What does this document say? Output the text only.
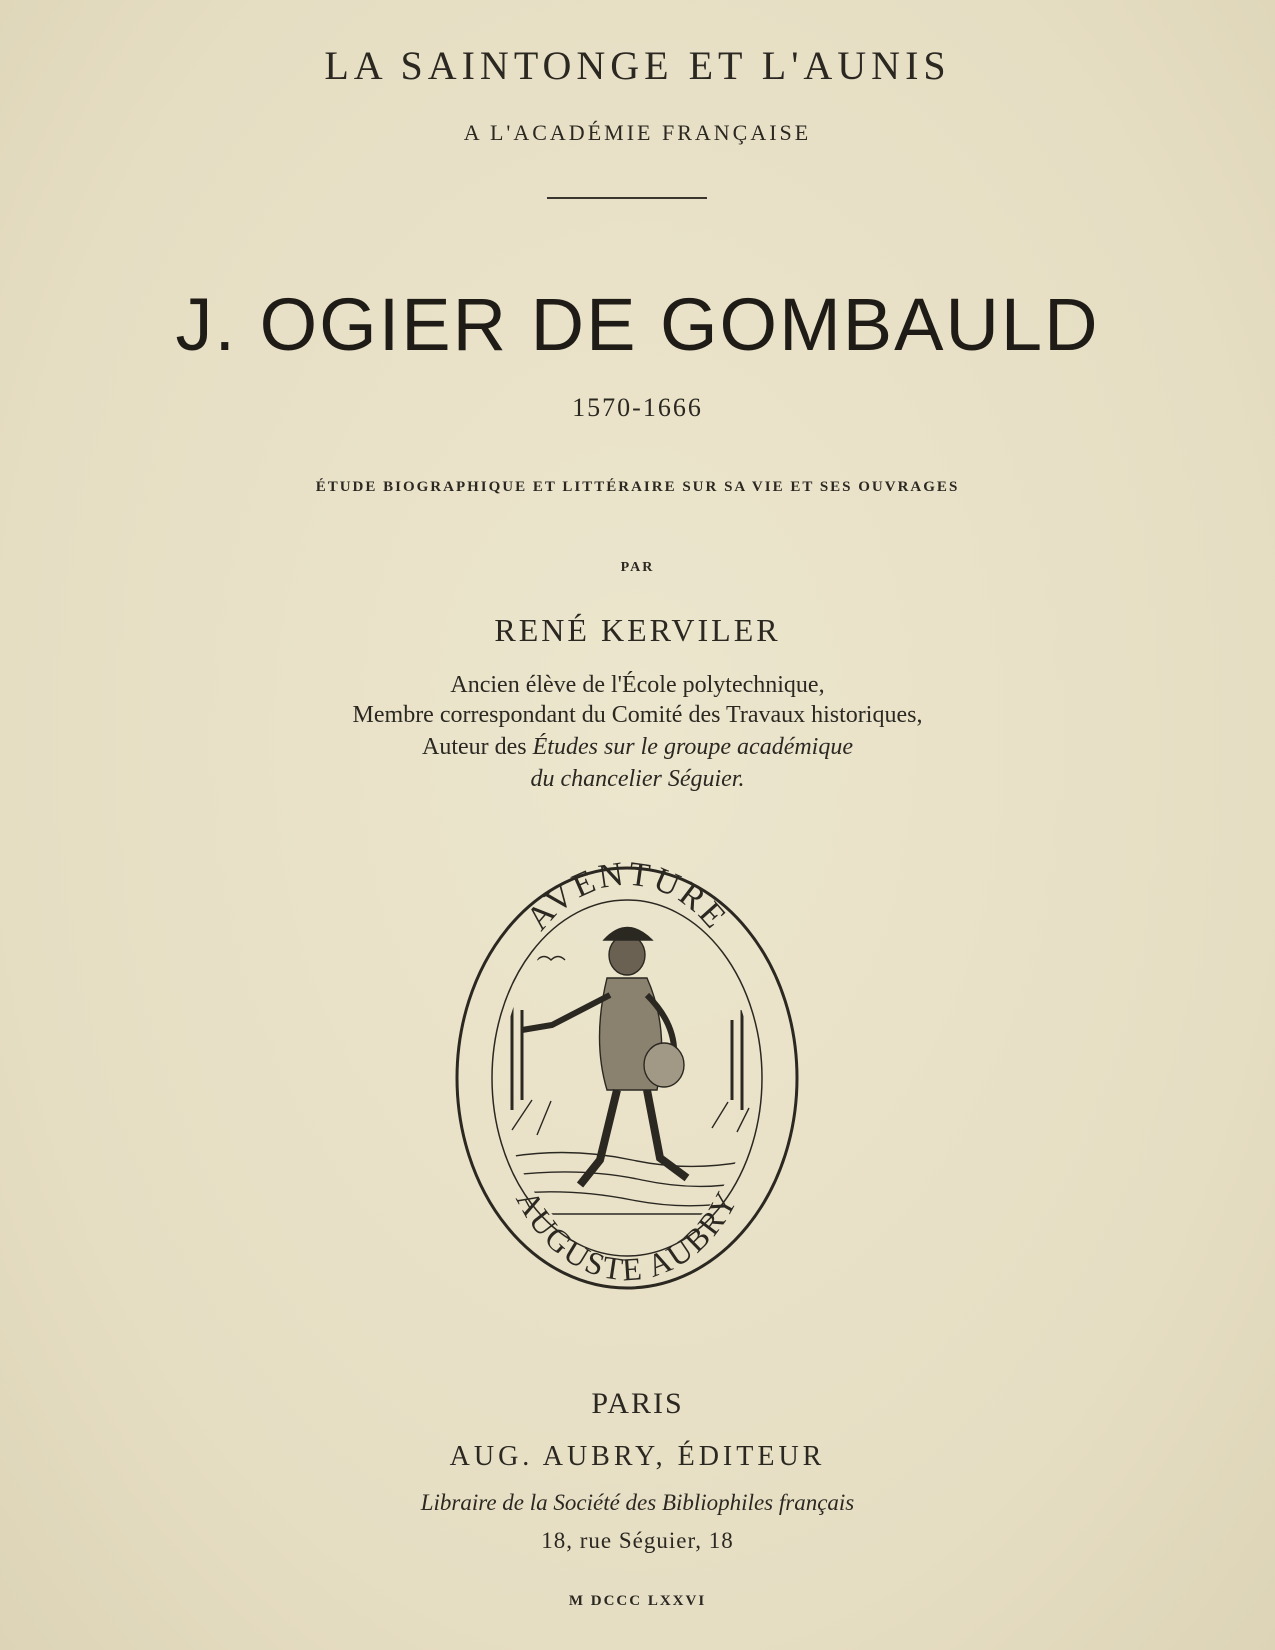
LA SAINTONGE ET L'AUNIS
A L'ACADÉMIE FRANÇAISE
J. OGIER DE GOMBAULD
1570-1666
ÉTUDE BIOGRAPHIQUE ET LITTÉRAIRE SUR SA VIE ET SES OUVRAGES
PAR
RENÉ KERVILER
Ancien élève de l'École polytechnique,
Membre correspondant du Comité des Travaux historiques,
Auteur des Études sur le groupe académique
du chancelier Séguier.
AVENTURE
AUGUSTE AUBRY
PARIS
AUG. AUBRY, ÉDITEUR
Libraire de la Société des Bibliophiles français
18, rue Séguier, 18
M DCCC LXXVI
